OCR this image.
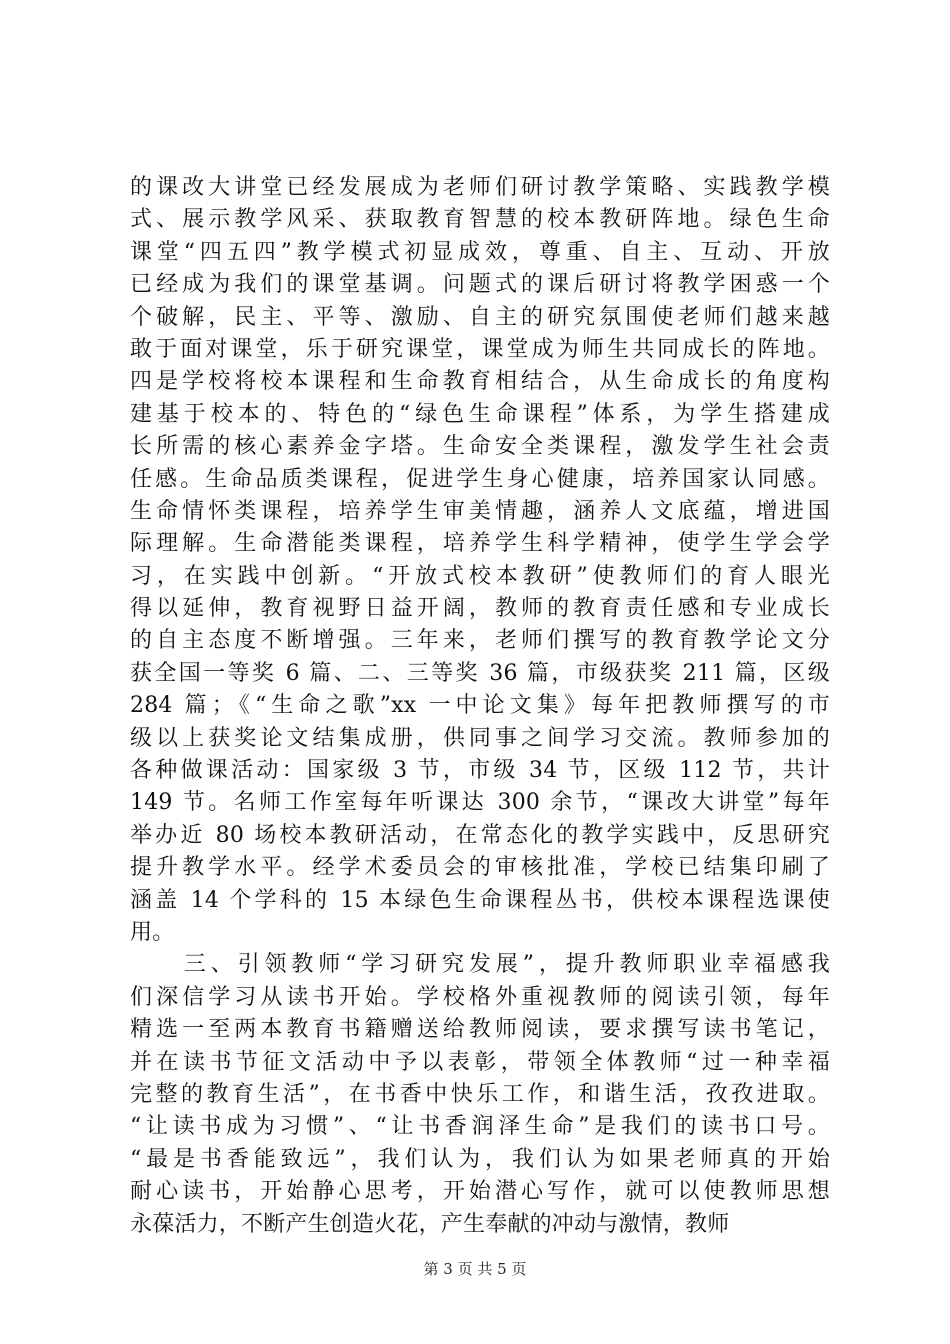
的课改大讲堂已经发展成为老师们研讨教学策略、实践教学模
式、展示教学风采、获取教育智慧的校本教研阵地。绿色生命
课堂“四五四”教学模式初显成效，尊重、自主、互动、开放
已经成为我们的课堂基调。问题式的课后研讨将教学困惑一个
个破解，民主、平等、激励、自主的研究氛围使老师们越来越
敢于面对课堂，乐于研究课堂，课堂成为师生共同成长的阵地。
四是学校将校本课程和生命教育相结合，从生命成长的角度构
建基于校本的、特色的“绿色生命课程”体系，为学生搭建成
长所需的核心素养金字塔。生命安全类课程，激发学生社会责
任感。生命品质类课程，促进学生身心健康，培养国家认同感。
生命情怀类课程，培养学生审美情趣，涵养人文底蕴，增进国
际理解。生命潜能类课程，培养学生科学精神，使学生学会学
习，在实践中创新。“开放式校本教研”使教师们的育人眼光
得以延伸，教育视野日益开阔，教师的教育责任感和专业成长
的自主态度不断增强。三年来，老师们撰写的教育教学论文分
获全国一等奖 6 篇、二、三等奖 36 篇，市级获奖 211 篇，区级
284 篇；《“生命之歌”xx 一中论文集》每年把教师撰写的市
级以上获奖论文结集成册，供同事之间学习交流。教师参加的
各种做课活动：国家级 3 节，市级 34 节，区级 112 节，共计
149 节。名师工作室每年听课达 300 余节，“课改大讲堂”每年
举办近 80 场校本教研活动，在常态化的教学实践中，反思研究
提升教学水平。经学术委员会的审核批准，学校已结集印刷了
涵盖 14 个学科的 15 本绿色生命课程丛书，供校本课程选课使
用。
　　三、引领教师“学习研究发展”，提升教师职业幸福感我
们深信学习从读书开始。学校格外重视教师的阅读引领，每年
精选一至两本教育书籍赠送给教师阅读，要求撰写读书笔记，
并在读书节征文活动中予以表彰，带领全体教师“过一种幸福
完整的教育生活”，在书香中快乐工作，和谐生活，孜孜进取。
“让读书成为习惯”、“让书香润泽生命”是我们的读书口号。
“最是书香能致远”，我们认为，我们认为如果老师真的开始
耐心读书，开始静心思考，开始潜心写作，就可以使教师思想
永葆活力，不断产生创造火花，产生奉献的冲动与激情，教师
第 3 页 共 5 页
